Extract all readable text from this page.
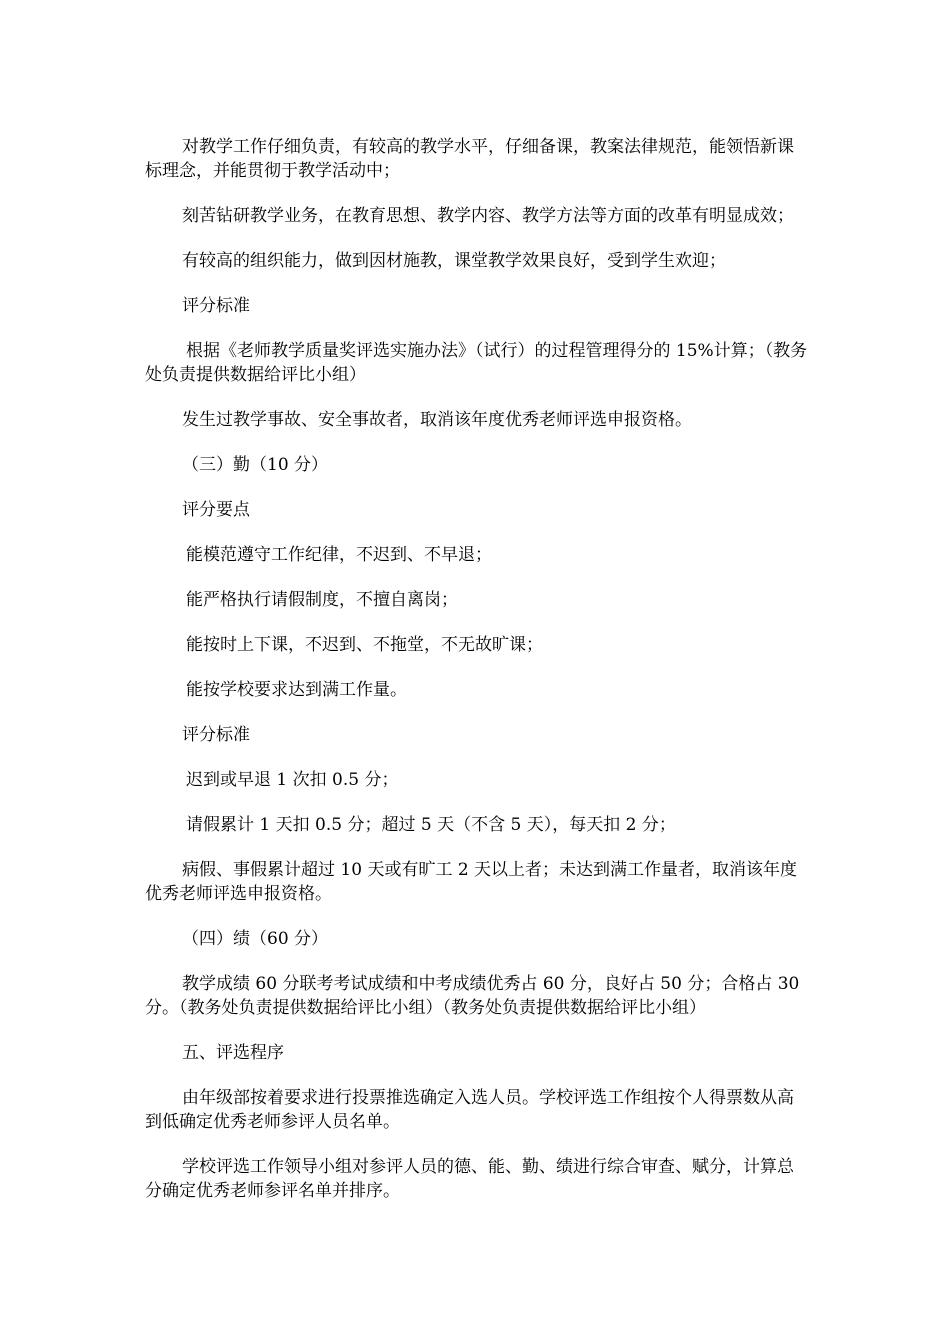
对教学工作仔细负责，有较高的教学水平，仔细备课，教案法律规范，能领悟新课标理念，并能贯彻于教学活动中；

刻苦钻研教学业务，在教育思想、教学内容、教学方法等方面的改革有明显成效；

有较高的组织能力，做到因材施教，课堂教学效果良好，受到学生欢迎；

评分标准

根据《老师教学质量奖评选实施办法》（试行）的过程管理得分的 15%计算；（教务处负责提供数据给评比小组）

发生过教学事故、安全事故者，取消该年度优秀老师评选申报资格。

（三）勤（10 分）

评分要点

能模范遵守工作纪律，不迟到、不早退；

能严格执行请假制度，不擅自离岗；

能按时上下课，不迟到、不拖堂，不无故旷课；

能按学校要求达到满工作量。

评分标准

迟到或早退 1 次扣 0.5 分；

请假累计 1 天扣 0.5 分；超过 5 天（不含 5 天），每天扣 2 分；

病假、事假累计超过 10 天或有旷工 2 天以上者；未达到满工作量者，取消该年度优秀老师评选申报资格。

（四）绩（60 分）

教学成绩 60 分联考考试成绩和中考成绩优秀占 60 分，良好占 50 分；合格占 30 分。（教务处负责提供数据给评比小组）（教务处负责提供数据给评比小组）

五、评选程序

由年级部按着要求进行投票推选确定入选人员。学校评选工作组按个人得票数从高到低确定优秀老师参评人员名单。

学校评选工作领导小组对参评人员的德、能、勤、绩进行综合审查、赋分，计算总分确定优秀老师参评名单并排序。
